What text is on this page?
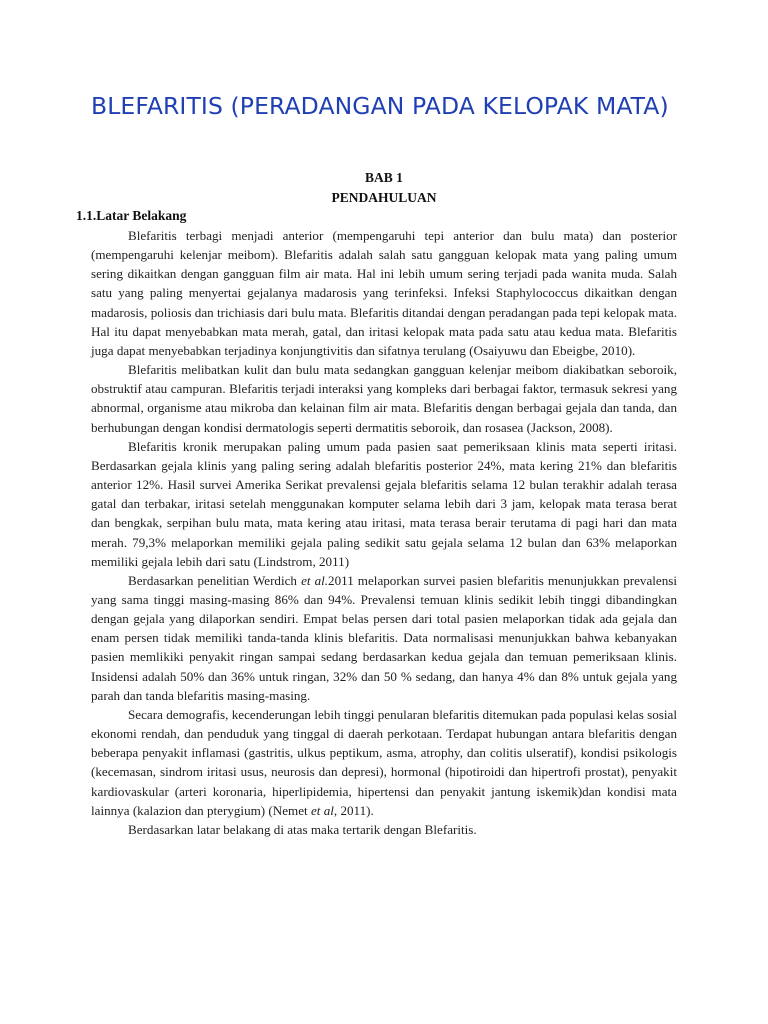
BLEFARITIS (PERADANGAN PADA KELOPAK MATA)
BAB 1
PENDAHULUAN
1.1.Latar Belakang

Blefaritis terbagi menjadi anterior (mempengaruhi tepi anterior dan bulu mata) dan posterior (mempengaruhi kelenjar meibom). Blefaritis adalah salah satu gangguan kelopak mata yang paling umum sering dikaitkan dengan gangguan film air mata. Hal ini lebih umum sering terjadi pada wanita muda. Salah satu yang paling menyertai gejalanya madarosis yang terinfeksi. Infeksi Staphylococcus dikaitkan dengan madarosis, poliosis dan trichiasis dari bulu mata. Blefaritis ditandai dengan peradangan pada tepi kelopak mata. Hal itu dapat menyebabkan mata merah, gatal, dan iritasi kelopak mata pada satu atau kedua mata. Blefaritis juga dapat menyebabkan terjadinya konjungtivitis dan sifatnya terulang (Osaiyuwu dan Ebeigbe, 2010).

Blefaritis melibatkan kulit dan bulu mata sedangkan gangguan kelenjar meibom diakibatkan seboroik, obstruktif atau campuran. Blefaritis terjadi interaksi yang kompleks dari berbagai faktor, termasuk sekresi yang abnormal, organisme atau mikroba dan kelainan film air mata. Blefaritis dengan berbagai gejala dan tanda, dan berhubungan dengan kondisi dermatologis seperti dermatitis seboroik, dan rosasea (Jackson, 2008).

Blefaritis kronik merupakan paling umum pada pasien saat pemeriksaan klinis mata seperti iritasi. Berdasarkan gejala klinis yang paling sering adalah blefaritis posterior 24%, mata kering 21% dan blefaritis anterior 12%. Hasil survei Amerika Serikat prevalensi gejala blefaritis selama 12 bulan terakhir adalah terasa gatal dan terbakar, iritasi setelah menggunakan komputer selama lebih dari 3 jam, kelopak mata terasa berat dan bengkak, serpihan bulu mata, mata kering atau iritasi, mata terasa berair terutama di pagi hari dan mata merah. 79,3% melaporkan memiliki gejala paling sedikit satu gejala selama 12 bulan dan 63% melaporkan memiliki gejala lebih dari satu (Lindstrom, 2011)

Berdasarkan penelitian Werdich et al.2011 melaporkan survei pasien blefaritis menunjukkan prevalensi yang sama tinggi masing-masing 86% dan 94%. Prevalensi temuan klinis sedikit lebih tinggi dibandingkan dengan gejala yang dilaporkan sendiri. Empat belas persen dari total pasien melaporkan tidak ada gejala dan enam persen tidak memiliki tanda-tanda klinis blefaritis. Data normalisasi menunjukkan bahwa kebanyakan pasien memlikiki penyakit ringan sampai sedang berdasarkan kedua gejala dan temuan pemeriksaan klinis. Insidensi adalah 50% dan 36% untuk ringan, 32% dan 50 % sedang, dan hanya 4% dan 8% untuk gejala yang parah dan tanda blefaritis masing-masing.

Secara demografis, kecenderungan lebih tinggi penularan blefaritis ditemukan pada populasi kelas sosial ekonomi rendah, dan penduduk yang tinggal di daerah perkotaan. Terdapat hubungan antara blefaritis dengan beberapa penyakit inflamasi (gastritis, ulkus peptikum, asma, atrophy, dan colitis ulseratif), kondisi psikologis (kecemasan, sindrom iritasi usus, neurosis dan depresi), hormonal (hipotiroidi dan hipertrofi prostat), penyakit kardiovaskular (arteri koronaria, hiperlipidemia, hipertensi dan penyakit jantung iskemik)dan kondisi mata lainnya (kalazion dan pterygium) (Nemet et al, 2011).

Berdasarkan latar belakang di atas maka tertarik dengan Blefaritis.
